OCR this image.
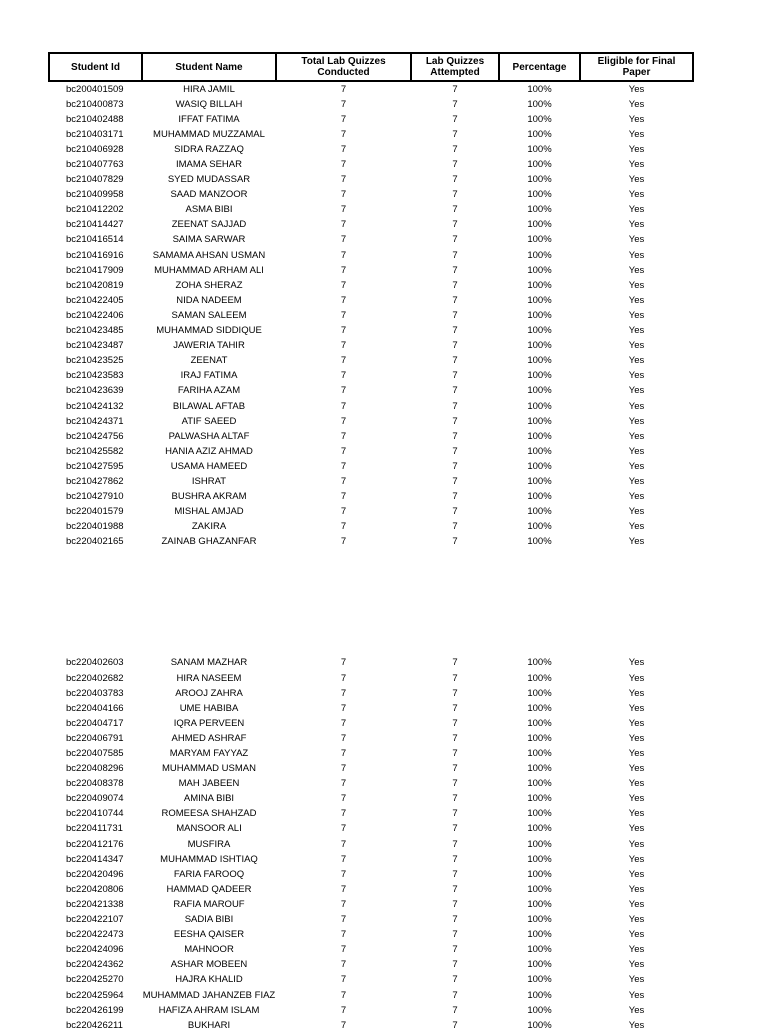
Student Id	Student Name	Total Lab Quizzes Conducted	Lab Quizzes Attempted	Percentage	Eligible for Final Paper
bc200401509	HIRA JAMIL	7	7	100%	Yes
bc210400873	WASIQ BILLAH	7	7	100%	Yes
bc210402488	IFFAT FATIMA	7	7	100%	Yes
bc210403171	MUHAMMAD MUZZAMAL	7	7	100%	Yes
bc210406928	SIDRA RAZZAQ	7	7	100%	Yes
bc210407763	IMAMA SEHAR	7	7	100%	Yes
bc210407829	SYED MUDASSAR	7	7	100%	Yes
bc210409958	SAAD MANZOOR	7	7	100%	Yes
bc210412202	ASMA BIBI	7	7	100%	Yes
bc210414427	ZEENAT SAJJAD	7	7	100%	Yes
bc210416514	SAIMA SARWAR	7	7	100%	Yes
bc210416916	SAMAMA AHSAN USMAN	7	7	100%	Yes
bc210417909	MUHAMMAD ARHAM ALI	7	7	100%	Yes
bc210420819	ZOHA SHERAZ	7	7	100%	Yes
bc210422405	NIDA NADEEM	7	7	100%	Yes
bc210422406	SAMAN SALEEM	7	7	100%	Yes
bc210423485	MUHAMMAD SIDDIQUE	7	7	100%	Yes
bc210423487	JAWERIA TAHIR	7	7	100%	Yes
bc210423525	ZEENAT	7	7	100%	Yes
bc210423583	IRAJ FATIMA	7	7	100%	Yes
bc210423639	FARIHA AZAM	7	7	100%	Yes
bc210424132	BILAWAL AFTAB	7	7	100%	Yes
bc210424371	ATIF SAEED	7	7	100%	Yes
bc210424756	PALWASHA ALTAF	7	7	100%	Yes
bc210425582	HANIA AZIZ AHMAD	7	7	100%	Yes
bc210427595	USAMA HAMEED	7	7	100%	Yes
bc210427862	ISHRAT	7	7	100%	Yes
bc210427910	BUSHRA AKRAM	7	7	100%	Yes
bc220401579	MISHAL AMJAD	7	7	100%	Yes
bc220401988	ZAKIRA	7	7	100%	Yes
bc220402165	ZAINAB GHAZANFAR	7	7	100%	Yes

bc220402603	SANAM MAZHAR	7	7	100%	Yes
bc220402682	HIRA NASEEM	7	7	100%	Yes
bc220403783	AROOJ ZAHRA	7	7	100%	Yes
bc220404166	UME HABIBA	7	7	100%	Yes
bc220404717	IQRA PERVEEN	7	7	100%	Yes
bc220406791	AHMED ASHRAF	7	7	100%	Yes
bc220407585	MARYAM FAYYAZ	7	7	100%	Yes
bc220408296	MUHAMMAD USMAN	7	7	100%	Yes
bc220408378	MAH JABEEN	7	7	100%	Yes
bc220409074	AMINA BIBI	7	7	100%	Yes
bc220410744	ROMEESA SHAHZAD	7	7	100%	Yes
bc220411731	MANSOOR ALI	7	7	100%	Yes
bc220412176	MUSFIRA	7	7	100%	Yes
bc220414347	MUHAMMAD ISHTIAQ	7	7	100%	Yes
bc220420496	FARIA FAROOQ	7	7	100%	Yes
bc220420806	HAMMAD QADEER	7	7	100%	Yes
bc220421338	RAFIA MAROUF	7	7	100%	Yes
bc220422107	SADIA BIBI	7	7	100%	Yes
bc220422473	EESHA QAISER	7	7	100%	Yes
bc220424096	MAHNOOR	7	7	100%	Yes
bc220424362	ASHAR MOBEEN	7	7	100%	Yes
bc220425270	HAJRA KHALID	7	7	100%	Yes
bc220425964	MUHAMMAD JAHANZEB FIAZ	7	7	100%	Yes
bc220426199	HAFIZA AHRAM ISLAM	7	7	100%	Yes
bc220426211	BUKHARI	7	7	100%	Yes
